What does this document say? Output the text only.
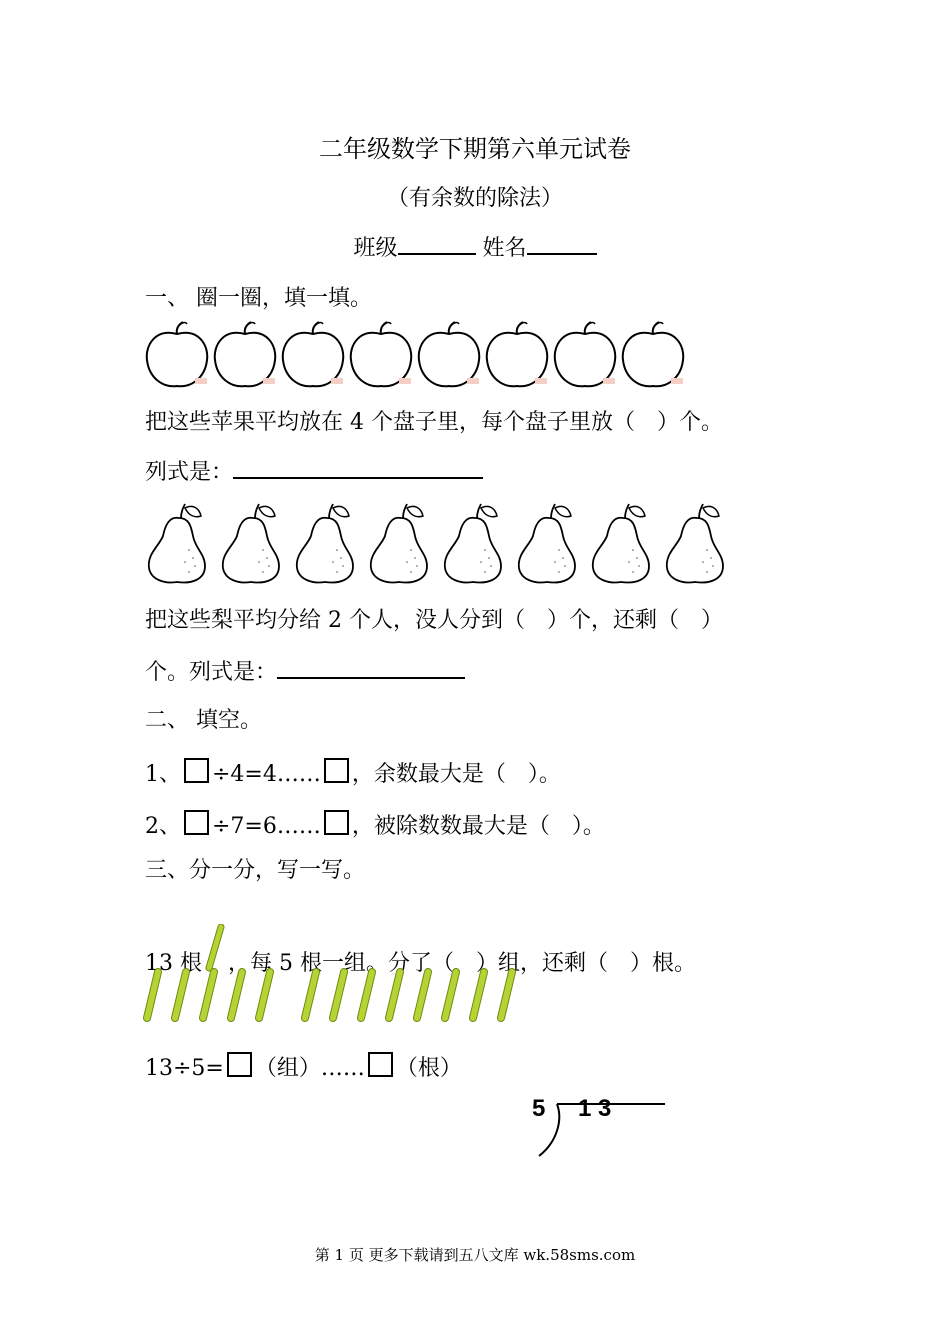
二年级数学下期第六单元试卷
（有余数的除法）
班级	姓名
一、 圈一圈，填一填。
把这些苹果平均放在 4 个盘子里，每个盘子里放（　）个。
列式是：
把这些梨平均分给 2 个人，没人分到（　）个，还剩（　）
个。列式是：
二、 填空。
1、 ÷4=4…… ，余数最大是（　）。
2、 ÷7=6…… ，被除数数最大是（　）。
三、分一分，写一写。
13 根 ，每 5 根一组。分了（　）组，还剩（　）根。
13÷5= （组）…… （根）
5 1 3
第 1 页 更多下载请到五八文库 wk.58sms.com
